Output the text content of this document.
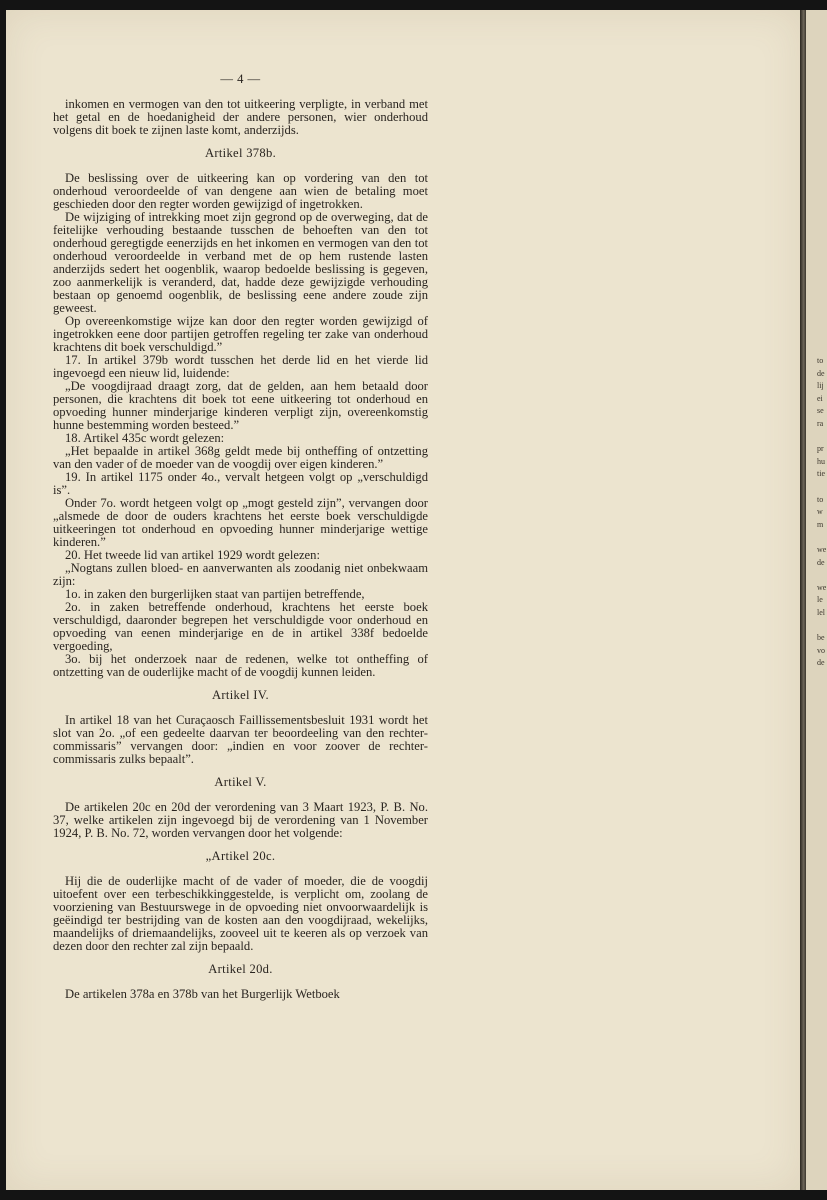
to
de
lij
ei
se
ra
pr
hu
tie
to
w
m
we
de
we
le
lel
be
vo
de
— 4 —

inkomen en vermogen van den tot uitkeering verpligte, in verband met het getal en de hoedanigheid der andere personen, wier onderhoud volgens dit boek te zijnen laste komt, anderzijds.

Artikel 378b.

De beslissing over de uitkeering kan op vordering van den tot onderhoud veroordeelde of van dengene aan wien de betaling moet geschieden door den regter worden gewijzigd of ingetrokken.

De wijziging of intrekking moet zijn gegrond op de overweging, dat de feitelijke verhouding bestaande tusschen de behoeften van den tot onderhoud geregtigde eenerzijds en het inkomen en vermogen van den tot onderhoud veroordeelde in verband met de op hem rustende lasten anderzijds sedert het oogenblik, waarop bedoelde beslissing is gegeven, zoo aanmerkelijk is veranderd, dat, hadde deze gewijzigde verhouding bestaan op genoemd oogenblik, de beslissing eene andere zoude zijn geweest.

Op overeenkomstige wijze kan door den regter worden gewijzigd of ingetrokken eene door partijen getroffen regeling ter zake van onderhoud krachtens dit boek verschuldigd.”

17. In artikel 379b wordt tusschen het derde lid en het vierde lid ingevoegd een nieuw lid, luidende:

„De voogdijraad draagt zorg, dat de gelden, aan hem betaald door personen, die krachtens dit boek tot eene uitkeering tot onderhoud en opvoeding hunner minderjarige kinderen verpligt zijn, overeenkomstig hunne bestemming worden besteed.”

18. Artikel 435c wordt gelezen:

„Het bepaalde in artikel 368g geldt mede bij ontheffing of ontzetting van den vader of de moeder van de voogdij over eigen kinderen.”

19. In artikel 1175 onder 4o., vervalt hetgeen volgt op „verschuldigd is”.

Onder 7o. wordt hetgeen volgt op „mogt gesteld zijn”, vervangen door „alsmede de door de ouders krachtens het eerste boek verschuldigde uitkeeringen tot onderhoud en opvoeding hunner minderjarige wettige kinderen.”

20. Het tweede lid van artikel 1929 wordt gelezen:

„Nogtans zullen bloed- en aanverwanten als zoodanig niet onbekwaam zijn:

1o. in zaken den burgerlijken staat van partijen betreffende,

2o. in zaken betreffende onderhoud, krachtens het eerste boek verschuldigd, daaronder begrepen het verschuldigde voor onderhoud en opvoeding van eenen minderjarige en de in artikel 338f bedoelde vergoeding,

3o. bij het onderzoek naar de redenen, welke tot ontheffing of ontzetting van de ouderlijke macht of de voogdij kunnen leiden.

Artikel IV.

In artikel 18 van het Curaçaosch Faillissementsbesluit 1931 wordt het slot van 2o. „of een gedeelte daarvan ter beoordeeling van den rechter-commissaris” vervangen door: „indien en voor zoover de rechter-commissaris zulks bepaalt”.

Artikel V.

De artikelen 20c en 20d der verordening van 3 Maart 1923, P. B. No. 37, welke artikelen zijn ingevoegd bij de verordening van 1 November 1924, P. B. No. 72, worden vervangen door het volgende:

„Artikel 20c.

Hij die de ouderlijke macht of de vader of moeder, die de voogdij uitoefent over een terbeschikkinggestelde, is verplicht om, zoolang de voorziening van Bestuurswege in de opvoeding niet onvoorwaardelijk is geëindigd ter bestrijding van de kosten aan den voogdijraad, wekelijks, maandelijks of driemaandelijks, zooveel uit te keeren als op verzoek van dezen door den rechter zal zijn bepaald.

Artikel 20d.

De artikelen 378a en 378b van het Burgerlijk Wetboek
